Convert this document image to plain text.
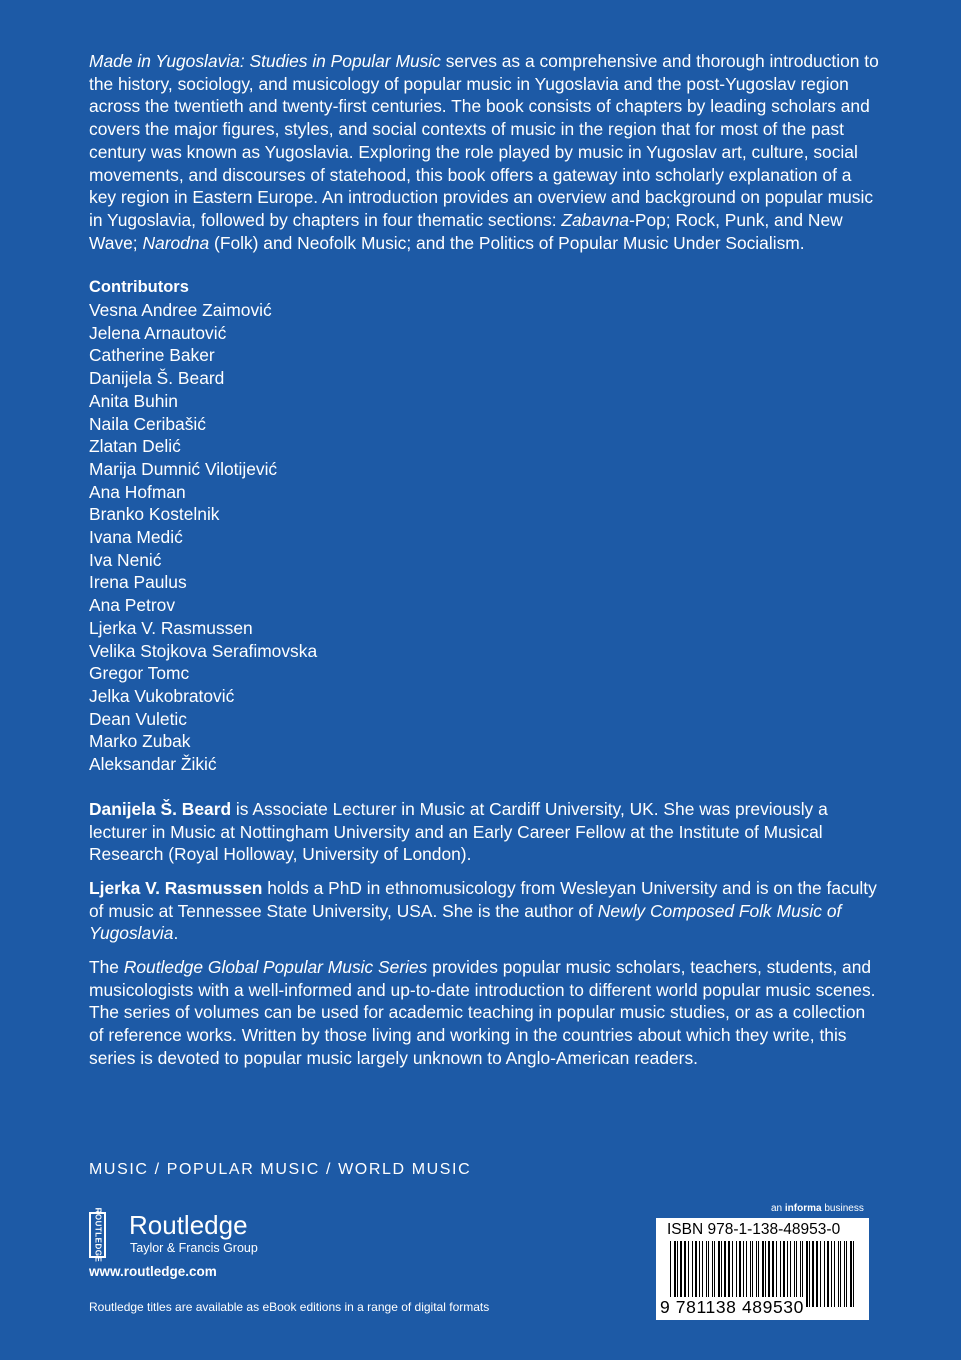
Made in Yugoslavia: Studies in Popular Music serves as a comprehensive and thorough introduction to the history, sociology, and musicology of popular music in Yugoslavia and the post-Yugoslav region across the twentieth and twenty-first centuries. The book consists of chapters by leading scholars and covers the major figures, styles, and social contexts of music in the region that for most of the past century was known as Yugoslavia. Exploring the role played by music in Yugoslav art, culture, social movements, and discourses of statehood, this book offers a gateway into scholarly explanation of a key region in Eastern Europe. An introduction provides an overview and background on popular music in Yugoslavia, followed by chapters in four thematic sections: Zabavna-Pop; Rock, Punk, and New Wave; Narodna (Folk) and Neofolk Music; and the Politics of Popular Music Under Socialism.

Contributors
Vesna Andree Zaimović
Jelena Arnautović
Catherine Baker
Danijela Š. Beard
Anita Buhin
Naila Ceribašić
Zlatan Delić
Marija Dumnić Vilotijević
Ana Hofman
Branko Kostelnik
Ivana Medić
Iva Nenić
Irena Paulus
Ana Petrov
Ljerka V. Rasmussen
Velika Stojkova Serafimovska
Gregor Tomc
Jelka Vukobratović
Dean Vuletic
Marko Zubak
Aleksandar Žikić

Danijela Š. Beard is Associate Lecturer in Music at Cardiff University, UK. She was previously a lecturer in Music at Nottingham University and an Early Career Fellow at the Institute of Musical Research (Royal Holloway, University of London).

Ljerka V. Rasmussen holds a PhD in ethnomusicology from Wesleyan University and is on the faculty of music at Tennessee State University, USA. She is the author of Newly Composed Folk Music of Yugoslavia.

The Routledge Global Popular Music Series provides popular music scholars, teachers, students, and musicologists with a well-informed and up-to-date introduction to different world popular music scenes. The series of volumes can be used for academic teaching in popular music studies, or as a collection of reference works. Written by those living and working in the countries about which they write, this series is devoted to popular music largely unknown to Anglo-American readers.

MUSIC / POPULAR MUSIC / WORLD MUSIC
ROUTLEDGE Routledge
Taylor & Francis Group
www.routledge.com
Routledge titles are available as eBook editions in a range of digital formats
an informa business
ISBN 978-1-138-48953-0
9 781138 489530
